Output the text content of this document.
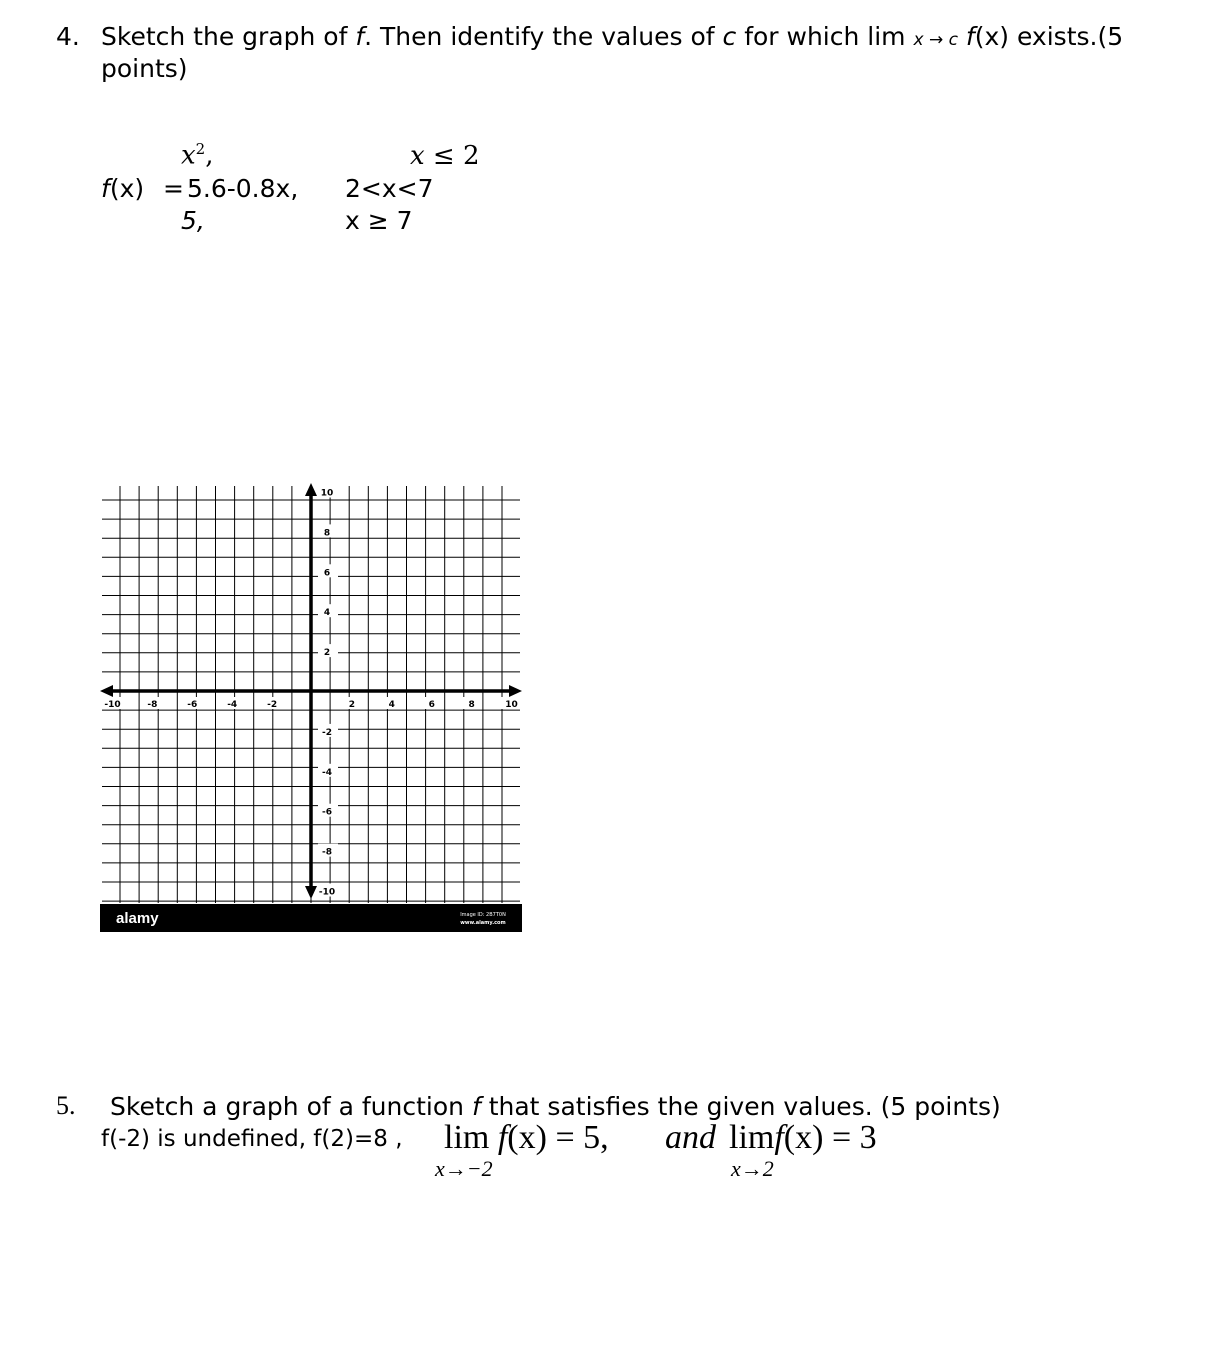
4. Sketch the graph of f. Then identify the values of c for which lim x → c f(x) exists.(5
points)
$x^2$,	x ≤ 2
f(x) = 5.6-0.8x, 2<x<7
5,	x ≥ 7
-10	-8	-6	-4	-2	2	4	6	8	10
10
8
6
4
2
-2
-4
-6
-8
-10
alamy	Image ID: 2B7T0N
www.alamy.com
5. Sketch a graph of a function f that satisfies the given values. (5 points)
f(-2) is undefined, f(2)=8 , lim f(x) = 5,
x→−2
and limf(x) = 3
x→2
